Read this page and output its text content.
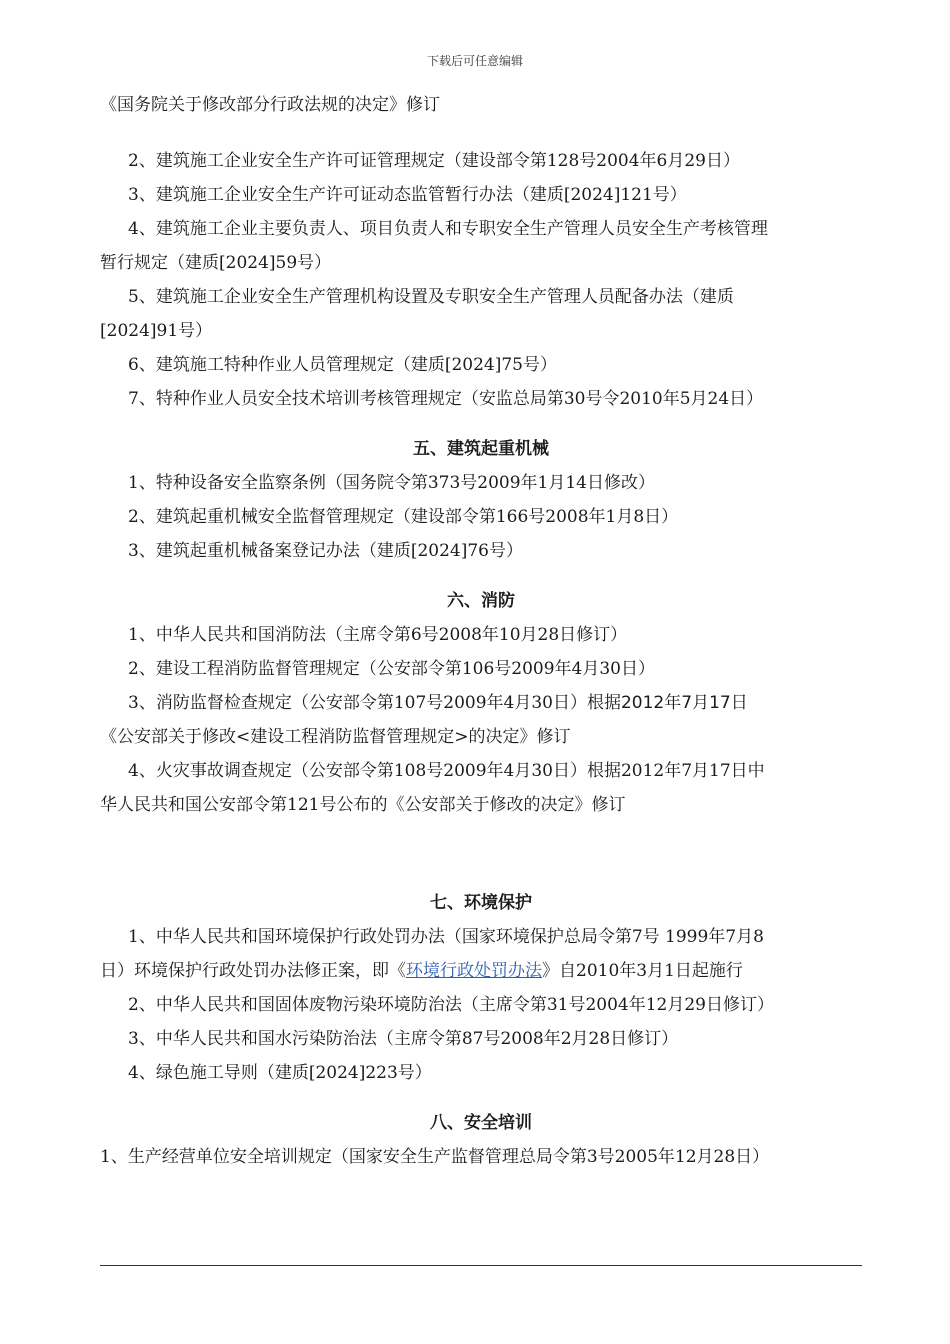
下载后可任意编辑
《国务院关于修改部分行政法规的决定》修订
2、建筑施工企业安全生产许可证管理规定（建设部令第128号2004年6月29日）
3、建筑施工企业安全生产许可证动态监管暂行办法（建质[2024]121号）
4、建筑施工企业主要负责人、项目负责人和专职安全生产管理人员安全生产考核管理
暂行规定（建质[2024]59号）
5、建筑施工企业安全生产管理机构设置及专职安全生产管理人员配备办法（建质
[2024]91号）
6、建筑施工特种作业人员管理规定（建质[2024]75号）
7、特种作业人员安全技术培训考核管理规定（安监总局第30号令2010年5月24日）
五、建筑起重机械
1、特种设备安全监察条例（国务院令第373号2009年1月14日修改）
2、建筑起重机械安全监督管理规定（建设部令第166号2008年1月8日）
3、建筑起重机械备案登记办法（建质[2024]76号）
六、消防
1、中华人民共和国消防法（主席令第6号2008年10月28日修订）
2、建设工程消防监督管理规定（公安部令第106号2009年4月30日）
3、消防监督检查规定（公安部令第107号2009年4月30日）根据2012年7月17日
《公安部关于修改<建设工程消防监督管理规定>的决定》修订
4、火灾事故调查规定（公安部令第108号2009年4月30日）根据2012年7月17日中
华人民共和国公安部令第121号公布的《公安部关于修改的决定》修订
七、环境保护
1、中华人民共和国环境保护行政处罚办法（国家环境保护总局令第7号 1999年7月8
日）环境保护行政处罚办法修正案，即《环境行政处罚办法》自2010年3月1日起施行
2、中华人民共和国固体废物污染环境防治法（主席令第31号2004年12月29日修订）
3、中华人民共和国水污染防治法（主席令第87号2008年2月28日修订）
4、绿色施工导则（建质[2024]223号）
八、安全培训
1、生产经营单位安全培训规定（国家安全生产监督管理总局令第3号2005年12月28日）
